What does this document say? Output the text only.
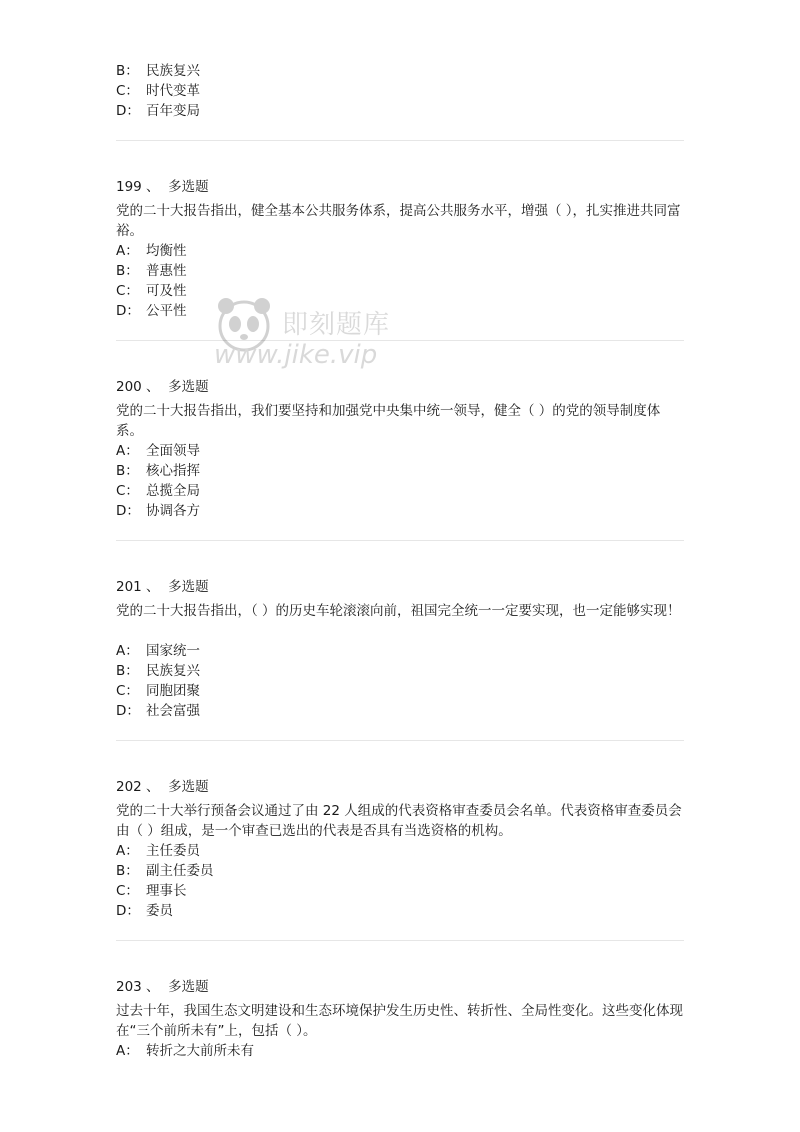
B： 民族复兴
C： 时代变革
D： 百年变局
199 、 多选题
党的二十大报告指出，健全基本公共服务体系，提高公共服务水平，增强（ ），扎实推进共同富裕。
A： 均衡性
B： 普惠性
C： 可及性
D： 公平性
200 、 多选题
党的二十大报告指出，我们要坚持和加强党中央集中统一领导，健全（ ）的党的领导制度体系。
A： 全面领导
B： 核心指挥
C： 总揽全局
D： 协调各方
201 、 多选题
党的二十大报告指出，（ ）的历史车轮滚滚向前，祖国完全统一一定要实现，也一定能够实现！
A： 国家统一
B： 民族复兴
C： 同胞团聚
D： 社会富强
202 、 多选题
党的二十大举行预备会议通过了由 22 人组成的代表资格审查委员会名单。代表资格审查委员会由（ ）组成，是一个审查已选出的代表是否具有当选资格的机构。
A： 主任委员
B： 副主任委员
C： 理事长
D： 委员
203 、 多选题
过去十年，我国生态文明建设和生态环境保护发生历史性、转折性、全局性变化。这些变化体现在“三个前所未有”上，包括（ ）。
A： 转折之大前所未有
即刻题库
www.jike.vip
